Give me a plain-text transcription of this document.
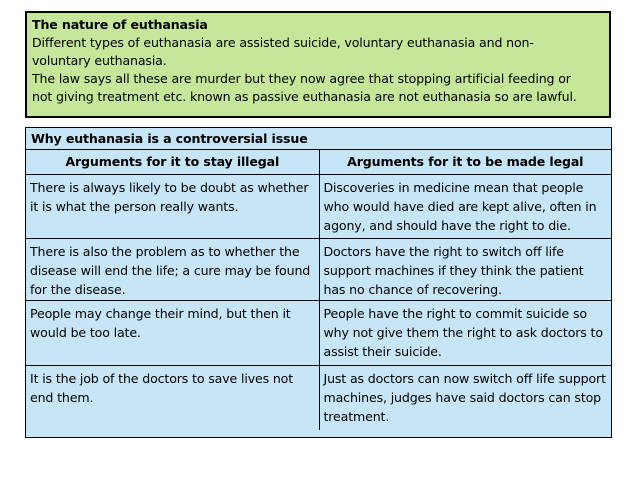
The nature of euthanasia

Different types of euthanasia are assisted suicide, voluntary euthanasia and non-

voluntary euthanasia.

The law says all these are murder but they now agree that stopping artificial feeding or

not giving treatment etc. known as passive euthanasia are not euthanasia so are lawful.

Why euthanasia is a controversial issue
Arguments for it to stay illegal	Arguments for it to be made legal
There is always likely to be doubt as whether it is what the person really wants.	Discoveries in medicine mean that people who would have died are kept alive, often in agony, and should have the right to die.
There is also the problem as to whether the disease will end the life; a cure may be found for the disease.	Doctors have the right to switch off life support machines if they think the patient has no chance of recovering.
People may change their mind, but then it would be too late.	People have the right to commit suicide so why not give them the right to ask doctors to assist their suicide.
It is the job of the doctors to save lives not end them.	Just as doctors can now switch off life support machines, judges have said doctors can stop treatment.
